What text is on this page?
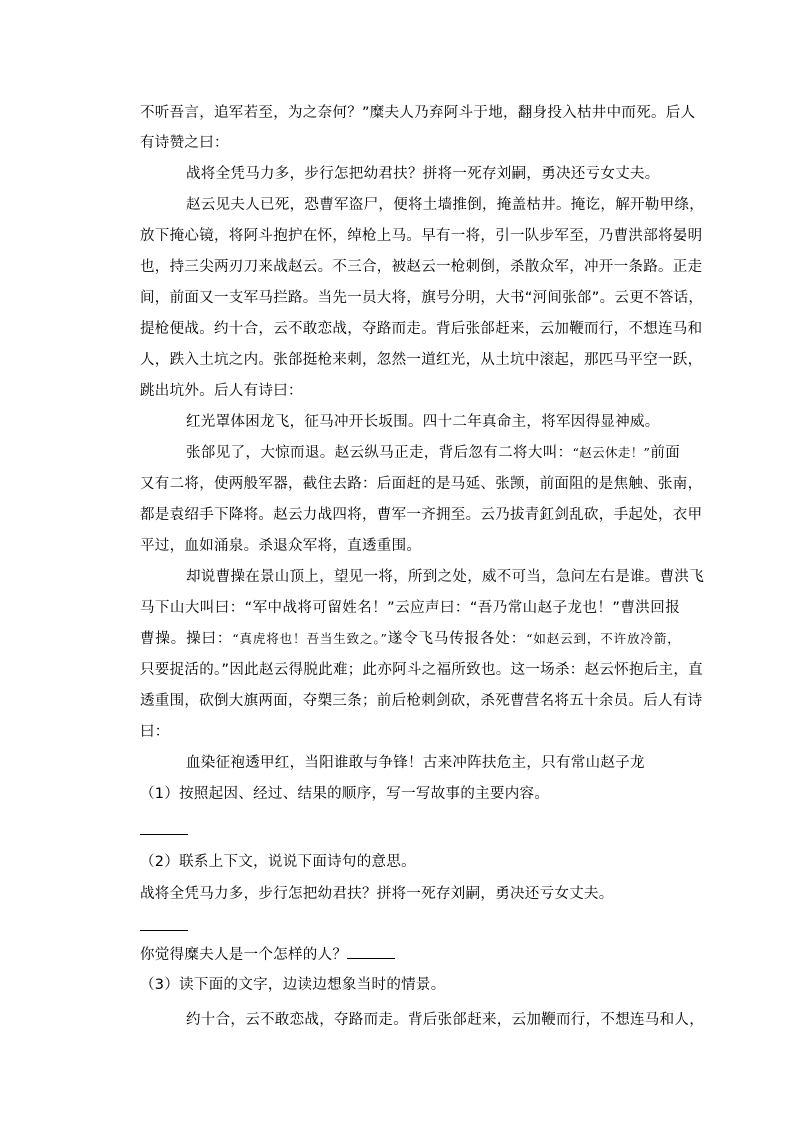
不听吾言，追军若至，为之奈何？”糜夫人乃弃阿斗于地，翻身投入枯井中而死。后人

有诗赞之曰：

战将全凭马力多，步行怎把幼君扶？拼将一死存刘嗣，勇决还亏女丈夫。

赵云见夫人已死，恐曹军盗尸，便将土墙推倒，掩盖枯井。掩讫，解开勒甲绦，

放下掩心镜，将阿斗抱护在怀，绰枪上马。早有一将，引一队步军至，乃曹洪部将晏明

也，持三尖两刃刀来战赵云。不三合，被赵云一枪刺倒，杀散众军，冲开一条路。正走

间，前面又一支军马拦路。当先一员大将，旗号分明，大书“河间张郃”。云更不答话，

提枪便战。约十合，云不敢恋战，夺路而走。背后张郃赶来，云加鞭而行，不想连马和

人，跌入土坑之内。张郃挺枪来刺，忽然一道红光，从土坑中滚起，那匹马平空一跃，

跳出坑外。后人有诗曰：

红光罩体困龙飞，征马冲开长坂围。四十二年真命主，将军因得显神威。

张郃见了，大惊而退。赵云纵马正走，背后忽有二将大叫：“赵云休走！”前面

又有二将，使两般军器，截住去路：后面赶的是马延、张𫖮，前面阻的是焦触、张南，

都是袁绍手下降将。赵云力战四将，曹军一齐拥至。云乃拔青釭剑乱砍，手起处，衣甲

平过，血如涌泉。杀退众军将，直透重围。

却说曹操在景山顶上，望见一将，所到之处，威不可当，急问左右是谁。曹洪飞

马下山大叫曰：“军中战将可留姓名！”云应声曰：“吾乃常山赵子龙也！”曹洪回报

曹操。操曰：“真虎将也！吾当生致之。”遂令飞马传报各处：“如赵云到，不许放冷箭，

只要捉活的。”因此赵云得脱此难；此亦阿斗之福所致也。这一场杀：赵云怀抱后主，直

透重围，砍倒大旗两面，夺槊三条；前后枪刺剑砍，杀死曹营名将五十余员。后人有诗

曰：

血染征袍透甲红，当阳谁敢与争锋！古来冲阵扶危主，只有常山赵子龙

（1）按照起因、经过、结果的顺序，写一写故事的主要内容。

（2）联系上下文，说说下面诗句的意思。

战将全凭马力多，步行怎把幼君扶？拼将一死存刘嗣，勇决还亏女丈夫。

你觉得糜夫人是一个怎样的人？

（3）读下面的文字，边读边想象当时的情景。

约十合，云不敢恋战，夺路而走。背后张郃赶来，云加鞭而行，不想连马和人，
